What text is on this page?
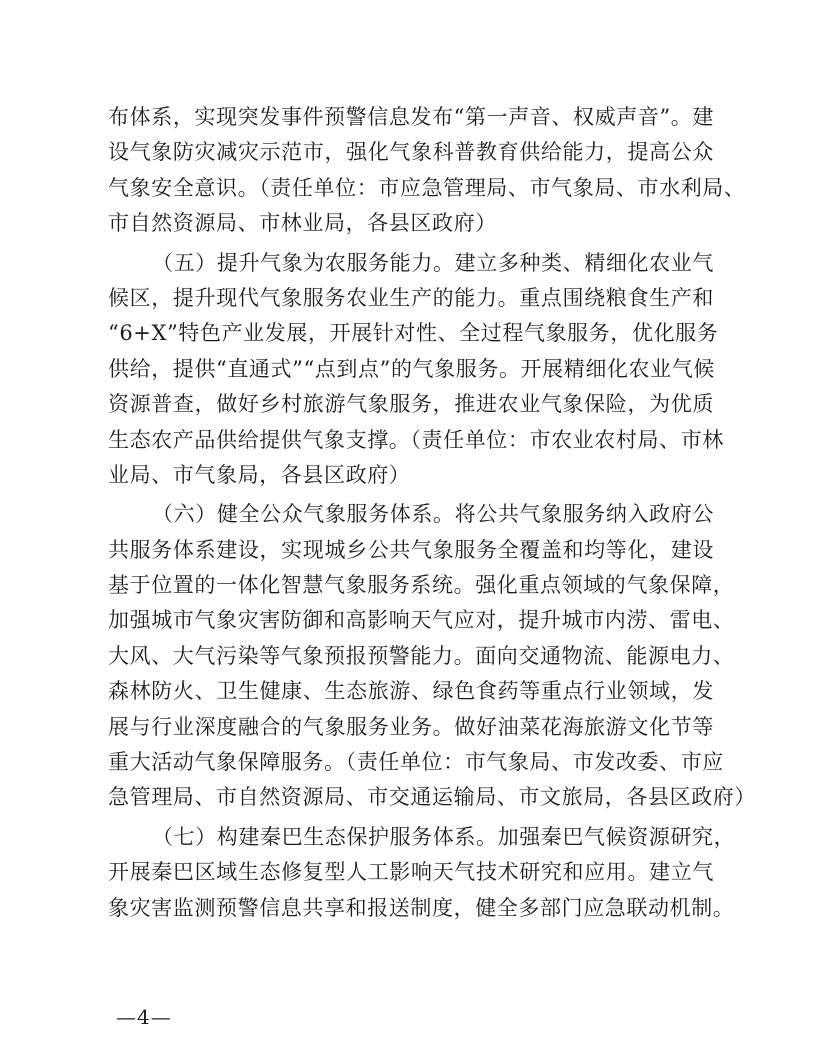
布体系，实现突发事件预警信息发布“第一声音、权威声音”。建
设气象防灾减灾示范市，强化气象科普教育供给能力，提高公众
气象安全意识。（责任单位：市应急管理局、市气象局、市水利局、
市自然资源局、市林业局，各县区政府）
（五）提升气象为农服务能力。建立多种类、精细化农业气
候区，提升现代气象服务农业生产的能力。重点围绕粮食生产和
“6+X”特色产业发展，开展针对性、全过程气象服务，优化服务
供给，提供“直通式”“点到点”的气象服务。开展精细化农业气候
资源普查，做好乡村旅游气象服务，推进农业气象保险，为优质
生态农产品供给提供气象支撑。（责任单位：市农业农村局、市林
业局、市气象局，各县区政府）
（六）健全公众气象服务体系。将公共气象服务纳入政府公
共服务体系建设，实现城乡公共气象服务全覆盖和均等化，建设
基于位置的一体化智慧气象服务系统。强化重点领域的气象保障，
加强城市气象灾害防御和高影响天气应对，提升城市内涝、雷电、
大风、大气污染等气象预报预警能力。面向交通物流、能源电力、
森林防火、卫生健康、生态旅游、绿色食药等重点行业领域，发
展与行业深度融合的气象服务业务。做好油菜花海旅游文化节等
重大活动气象保障服务。（责任单位：市气象局、市发改委、市应
急管理局、市自然资源局、市交通运输局、市文旅局，各县区政府）
（七）构建秦巴生态保护服务体系。加强秦巴气候资源研究，
开展秦巴区域生态修复型人工影响天气技术研究和应用。建立气
象灾害监测预警信息共享和报送制度，健全多部门应急联动机制。
—4—
